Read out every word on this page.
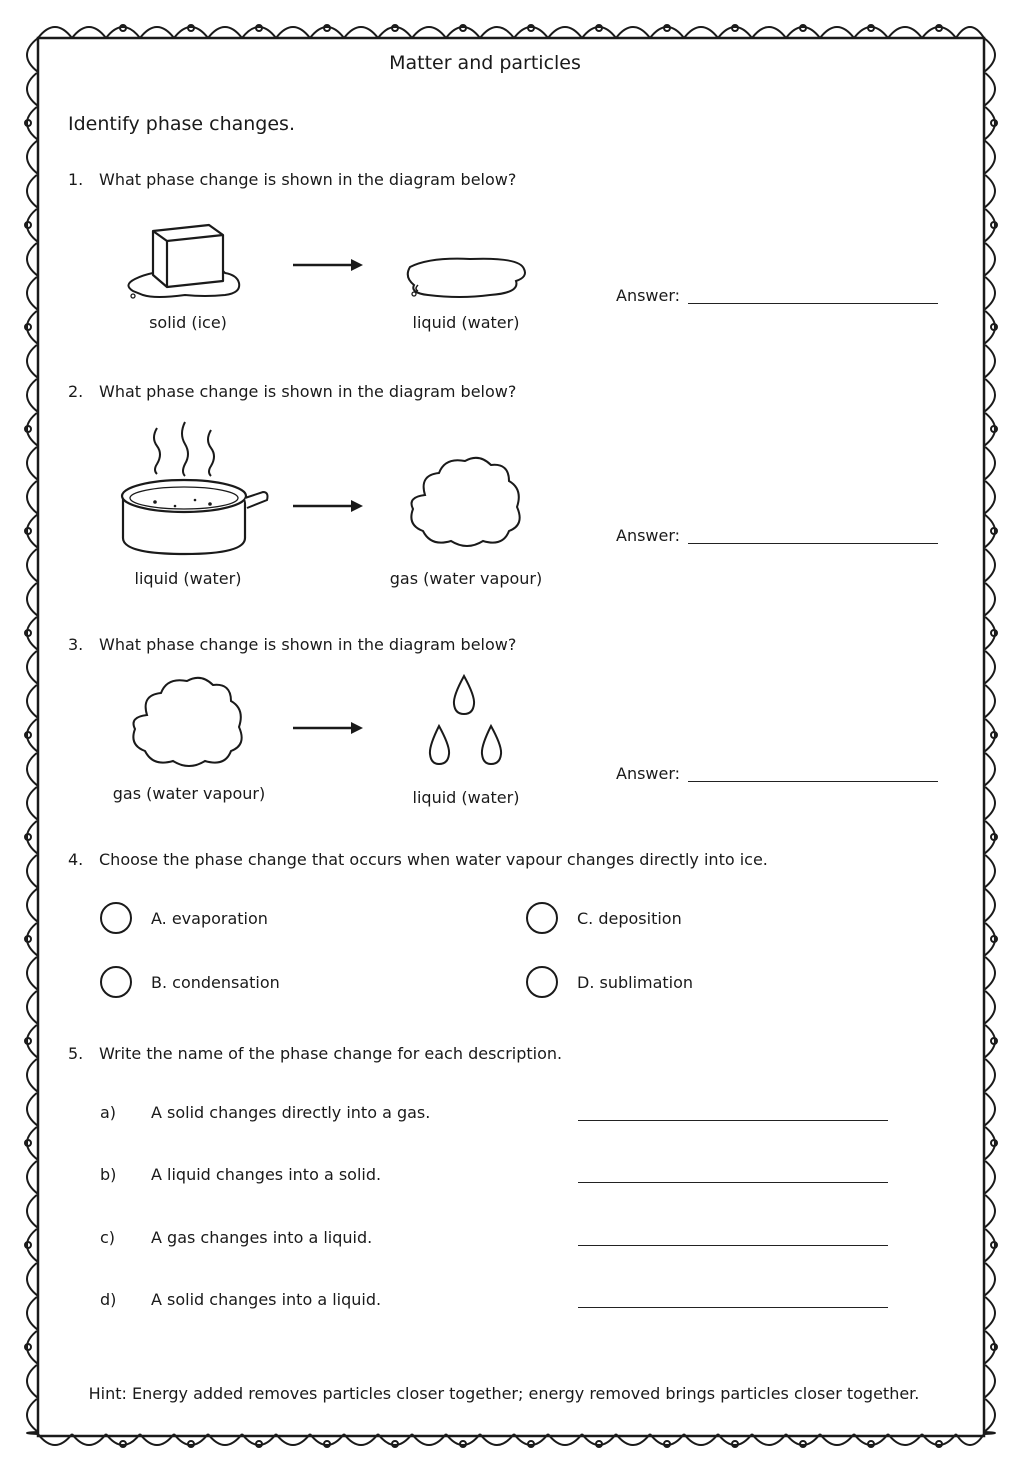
Matter and particles
Identify phase changes.
1. What phase change is shown in the diagram below?
solid (ice)	liquid (water)
Answer:
2. What phase change is shown in the diagram below?
liquid (water)	gas (water vapour)
Answer:
3. What phase change is shown in the diagram below?
gas (water vapour)	liquid (water)
Answer:
4. Choose the phase change that occurs when water vapour changes directly into ice.
A. evaporation
B. condensation
C. deposition
D. sublimation
5. Write the name of the phase change for each description.
a) A solid changes directly into a gas.
b) A liquid changes into a solid.
c) A gas changes into a liquid.
d) A solid changes into a liquid.
Hint: Energy added removes particles closer together; energy removed brings particles closer together.
